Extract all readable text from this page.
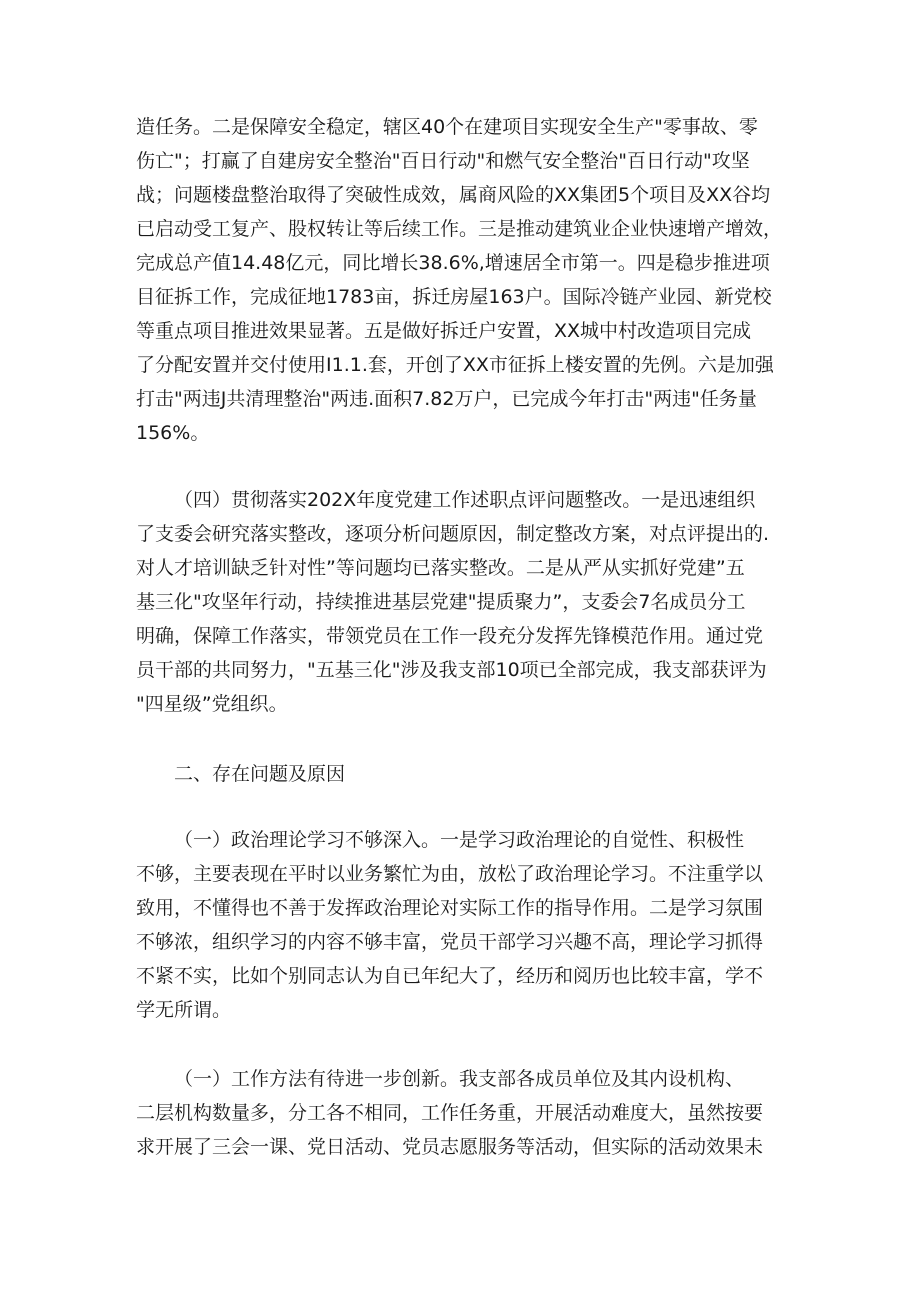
造任务。二是保障安全稳定，辖区40个在建项目实现安全生产"零事故、零
伤亡"；打赢了自建房安全整治"百日行动"和燃气安全整治"百日行动"攻坚
战；问题楼盘整治取得了突破性成效，属商风险的XX集团5个项目及XX谷均
已启动受工复产、股权转让等后续工作。三是推动建筑业企业快速增产增效，
完成总产值14.48亿元，同比增长38.6%,增速居全市第一。四是稳步推进项
目征拆工作，完成征地1783亩，拆迁房屋163户。国际冷链产业园、新党校
等重点项目推进效果显著。五是做好拆迁户安置，XX城中村改造项目完成
了分配安置并交付使用I1.1.套，开创了XX市征拆上楼安置的先例。六是加强
打击"两违J共清理整治"两违.面积7.82万户，已完成今年打击"两违"任务量
156%。
（四）贯彻落实202X年度党建工作述职点评问题整改。一是迅速组织
了支委会研究落实整改，逐项分析问题原因，制定整改方案，对点评提出的.
对人才培训缺乏针对性”等问题均已落实整改。二是从严从实抓好党建”五
基三化"攻坚年行动，持续推进基层党建"提质聚力”，支委会7名成员分工
明确，保障工作落实，带领党员在工作一段充分发挥先锋模范作用。通过党
员干部的共同努力，"五基三化"涉及我支部10项已全部完成，我支部获评为
"四星级”党组织。
二、存在问题及原因
（一）政治理论学习不够深入。一是学习政治理论的自觉性、积极性
不够，主要表现在平时以业务繁忙为由，放松了政治理论学习。不注重学以
致用，不懂得也不善于发挥政治理论对实际工作的指导作用。二是学习氛围
不够浓，组织学习的内容不够丰富，党员干部学习兴趣不高，理论学习抓得
不紧不实，比如个别同志认为自已年纪大了，经历和阅历也比较丰富，学不
学无所谓。
（一）工作方法有待进一步创新。我支部各成员单位及其内设机构、
二层机构数量多，分工各不相同，工作任务重，开展活动难度大，虽然按要
求开展了三会一课、党日活动、党员志愿服务等活动，但实际的活动效果未
